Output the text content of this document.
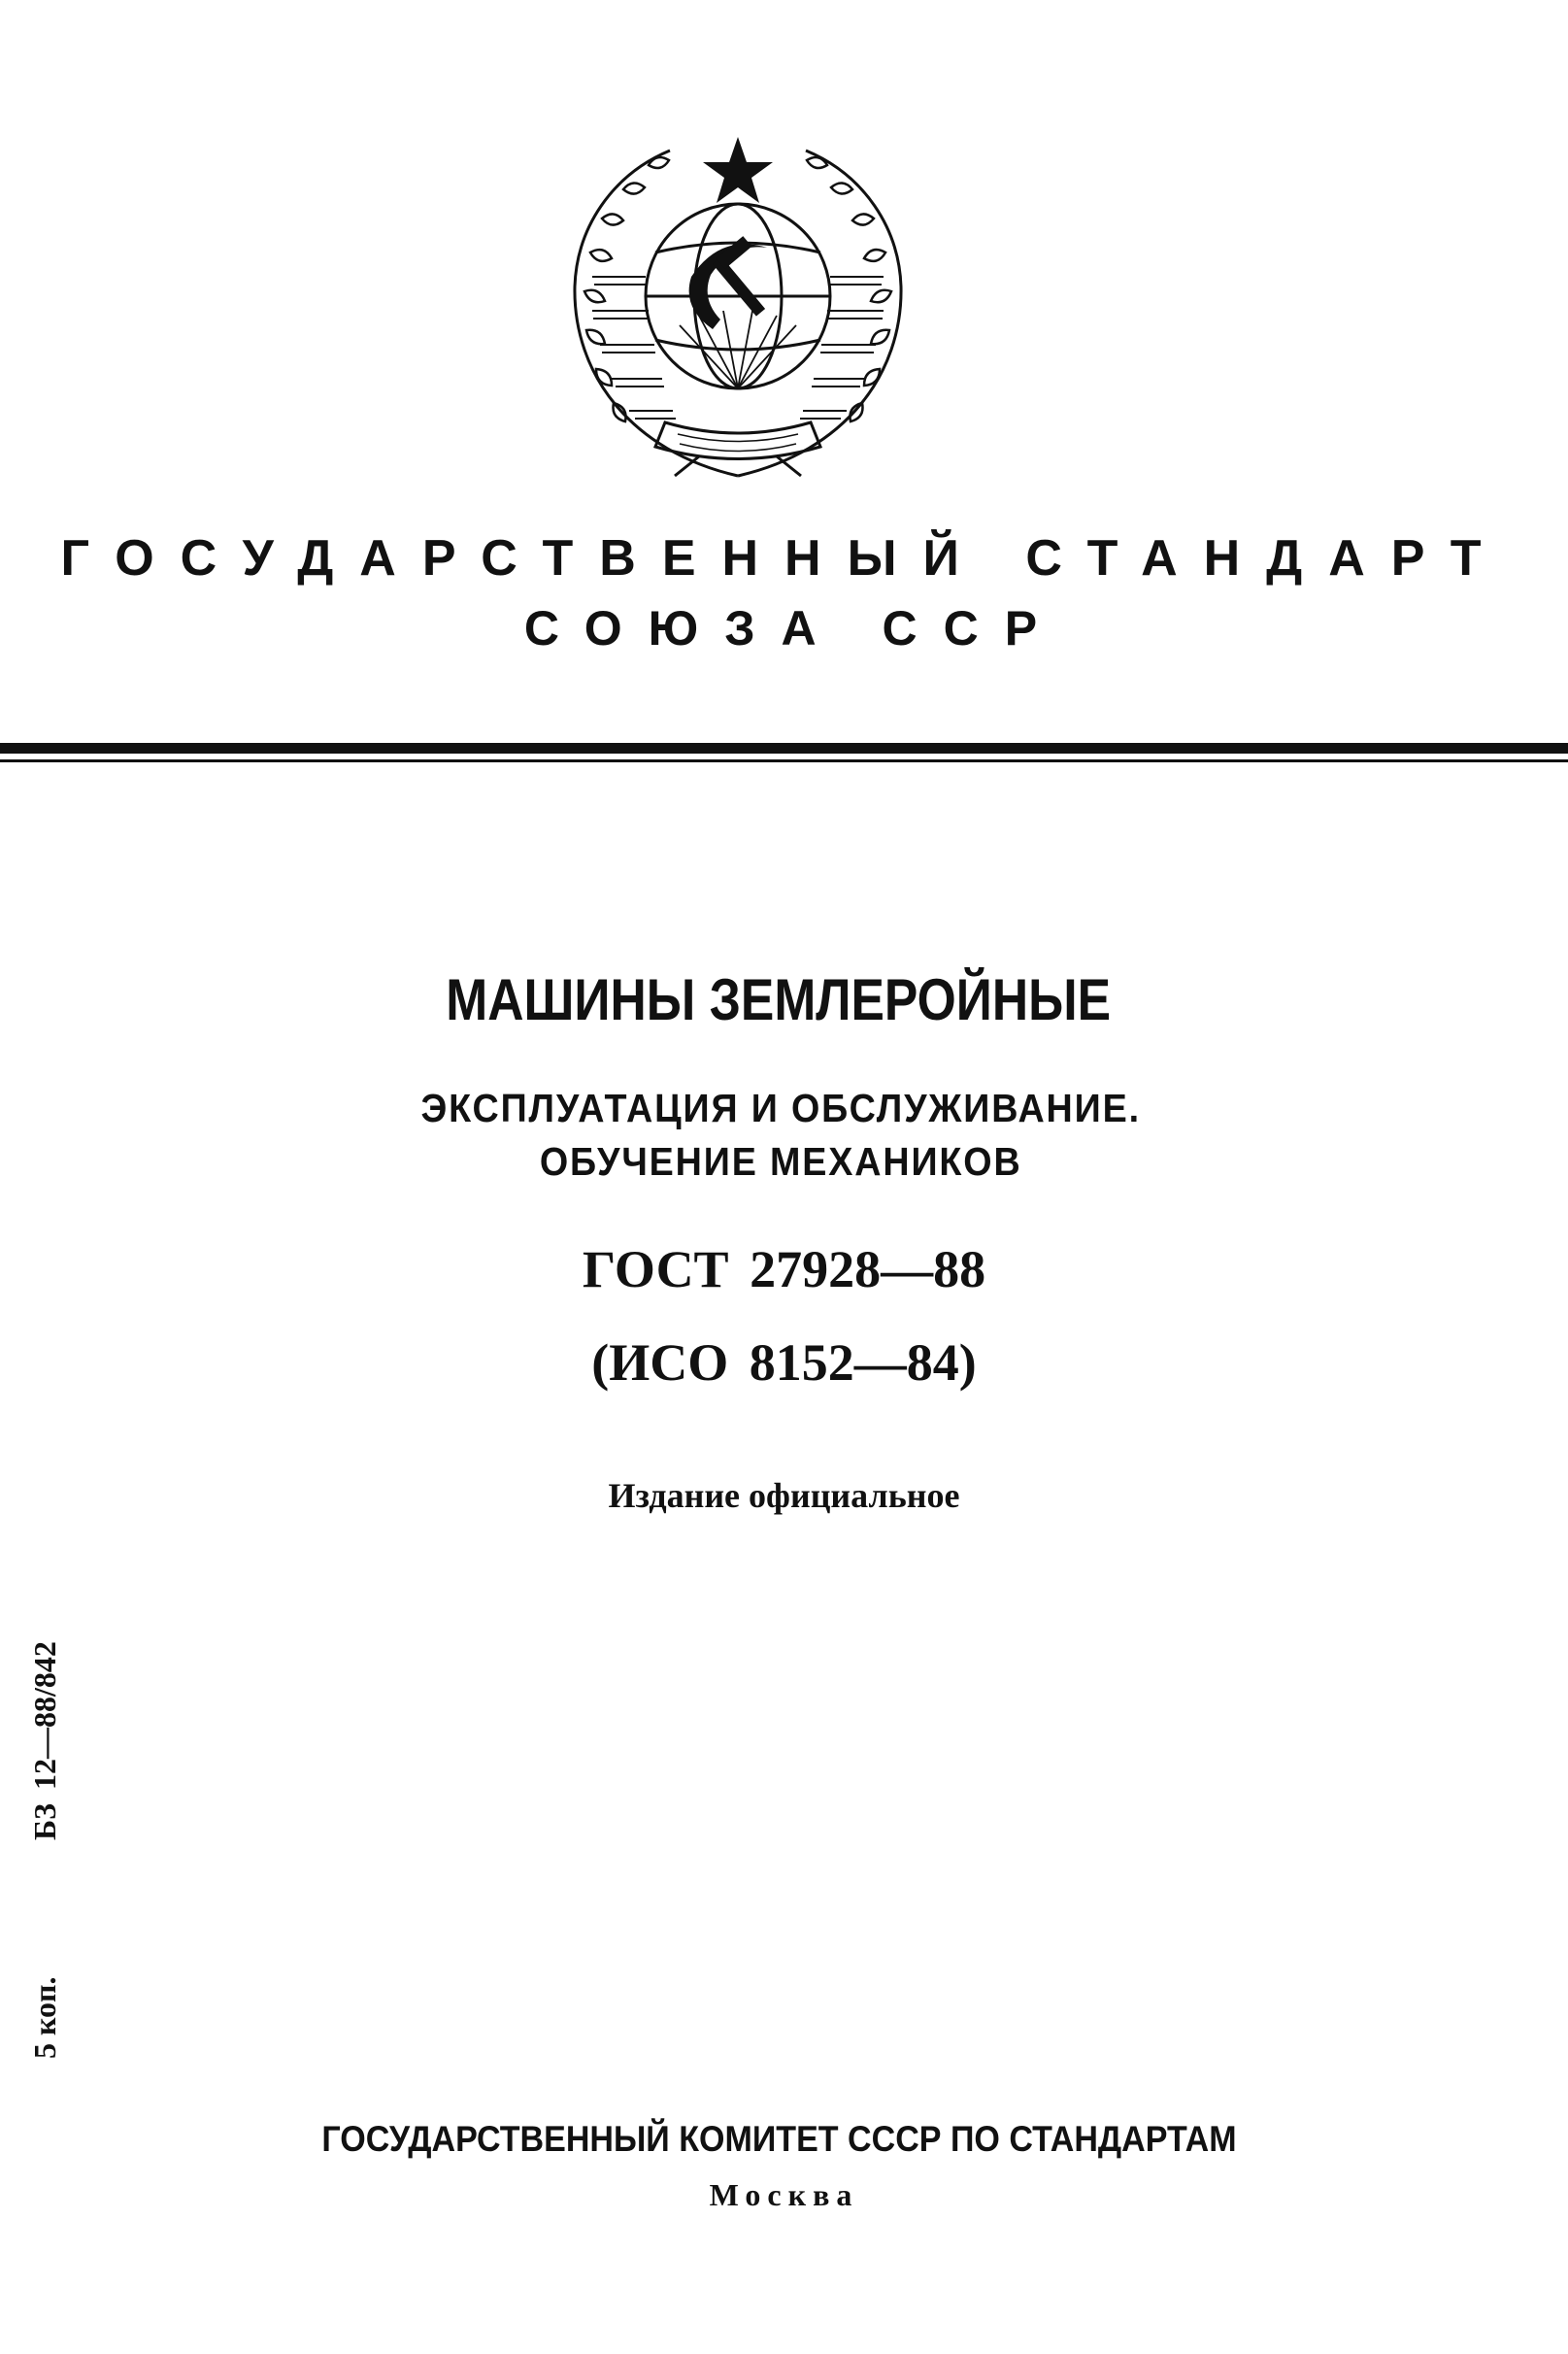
ГОСУДАРСТВЕННЫЙ СТАНДАРТ
СОЮЗА ССР
МАШИНЫ ЗЕМЛЕРОЙНЫЕ
ЭКСПЛУАТАЦИЯ И ОБСЛУЖИВАНИЕ.
ОБУЧЕНИЕ МЕХАНИКОВ
ГОСТ 27928—88
(ИСО 8152—84)
Издание официальное
БЗ 12—88/842
5 коп.
ГОСУДАРСТВЕННЫЙ КОМИТЕТ СССР ПО СТАНДАРТАМ
Москва
